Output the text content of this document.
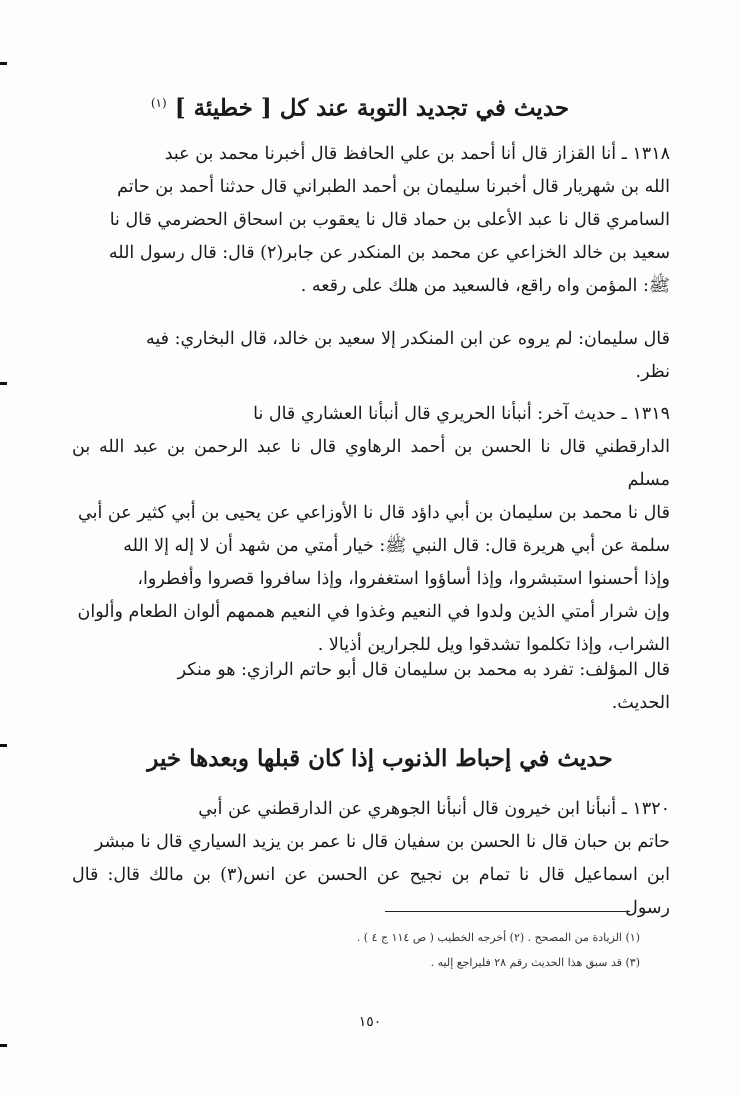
حديث في تجديد التوبة عند كل [ خطيئة ] $^{(١)}$
١٣١٨ ـ أنا القزاز قال أنا أحمد بن علي الحافظ قال أخبرنا محمد بن عبد
الله بن شهريار قال أخبرنا سليمان بن أحمد الطبراني قال حدثنا أحمد بن حاتم
السامري قال نا عبد الأعلى بن حماد قال نا يعقوب بن اسحاق الحضرمي قال نا
سعيد بن خالد الخزاعي عن محمد بن المنكدر عن جابر(٢) قال: قال رسول الله
ﷺ: المؤمن واه راقع، فالسعيد من هلك على رقعه .
قال سليمان: لم يروه عن ابن المنكدر إلا سعيد بن خالد، قال البخاري: فيه
نظر.
١٣١٩ ـ حديث آخر: أنبأنا الحريري قال أنبأنا العشاري قال نا
الدارقطني قال نا الحسن بن أحمد الرهاوي قال نا عبد الرحمن بن عبد الله بن مسلم
قال نا محمد بن سليمان بن أبي داؤد قال نا الأوزاعي عن يحيى بن أبي كثير عن أبي
سلمة عن أبي هريرة قال: قال النبي ﷺ: خيار أمتي من شهد أن لا إله إلا الله
وإذا أحسنوا استبشروا، وإذا أساؤوا استغفروا، وإذا سافروا قصروا وأفطروا،
وإن شرار أمتي الذين ولدوا في النعيم وغذوا في النعيم هممهم ألوان الطعام وألوان
الشراب، وإذا تكلموا تشدقوا ويل للجرارين أذيالا .
قال المؤلف: تفرد به محمد بن سليمان قال أبو حاتم الرازي: هو منكر
الحديث.
حديث في إحباط الذنوب إذا كان قبلها وبعدها خير
١٣٢٠ ـ أنبأنا ابن خيرون قال أنبأنا الجوهري عن الدارقطني عن أبي
حاتم بن حبان قال نا الحسن بن سفيان قال نا عمر بن يزيد السياري قال نا مبشر
ابن اسماعيل قال نا تمام بن نجيح عن الحسن عن انس(٣) بن مالك قال: قال رسول
(١) الزيادة من المصحح . (٢) أخرجه الخطيب ( ص ١١٤ ج ٤ ) .
(٣) قد سبق هذا الحديث رقم ٢٨ فليراجع إليه .
١٥٠
